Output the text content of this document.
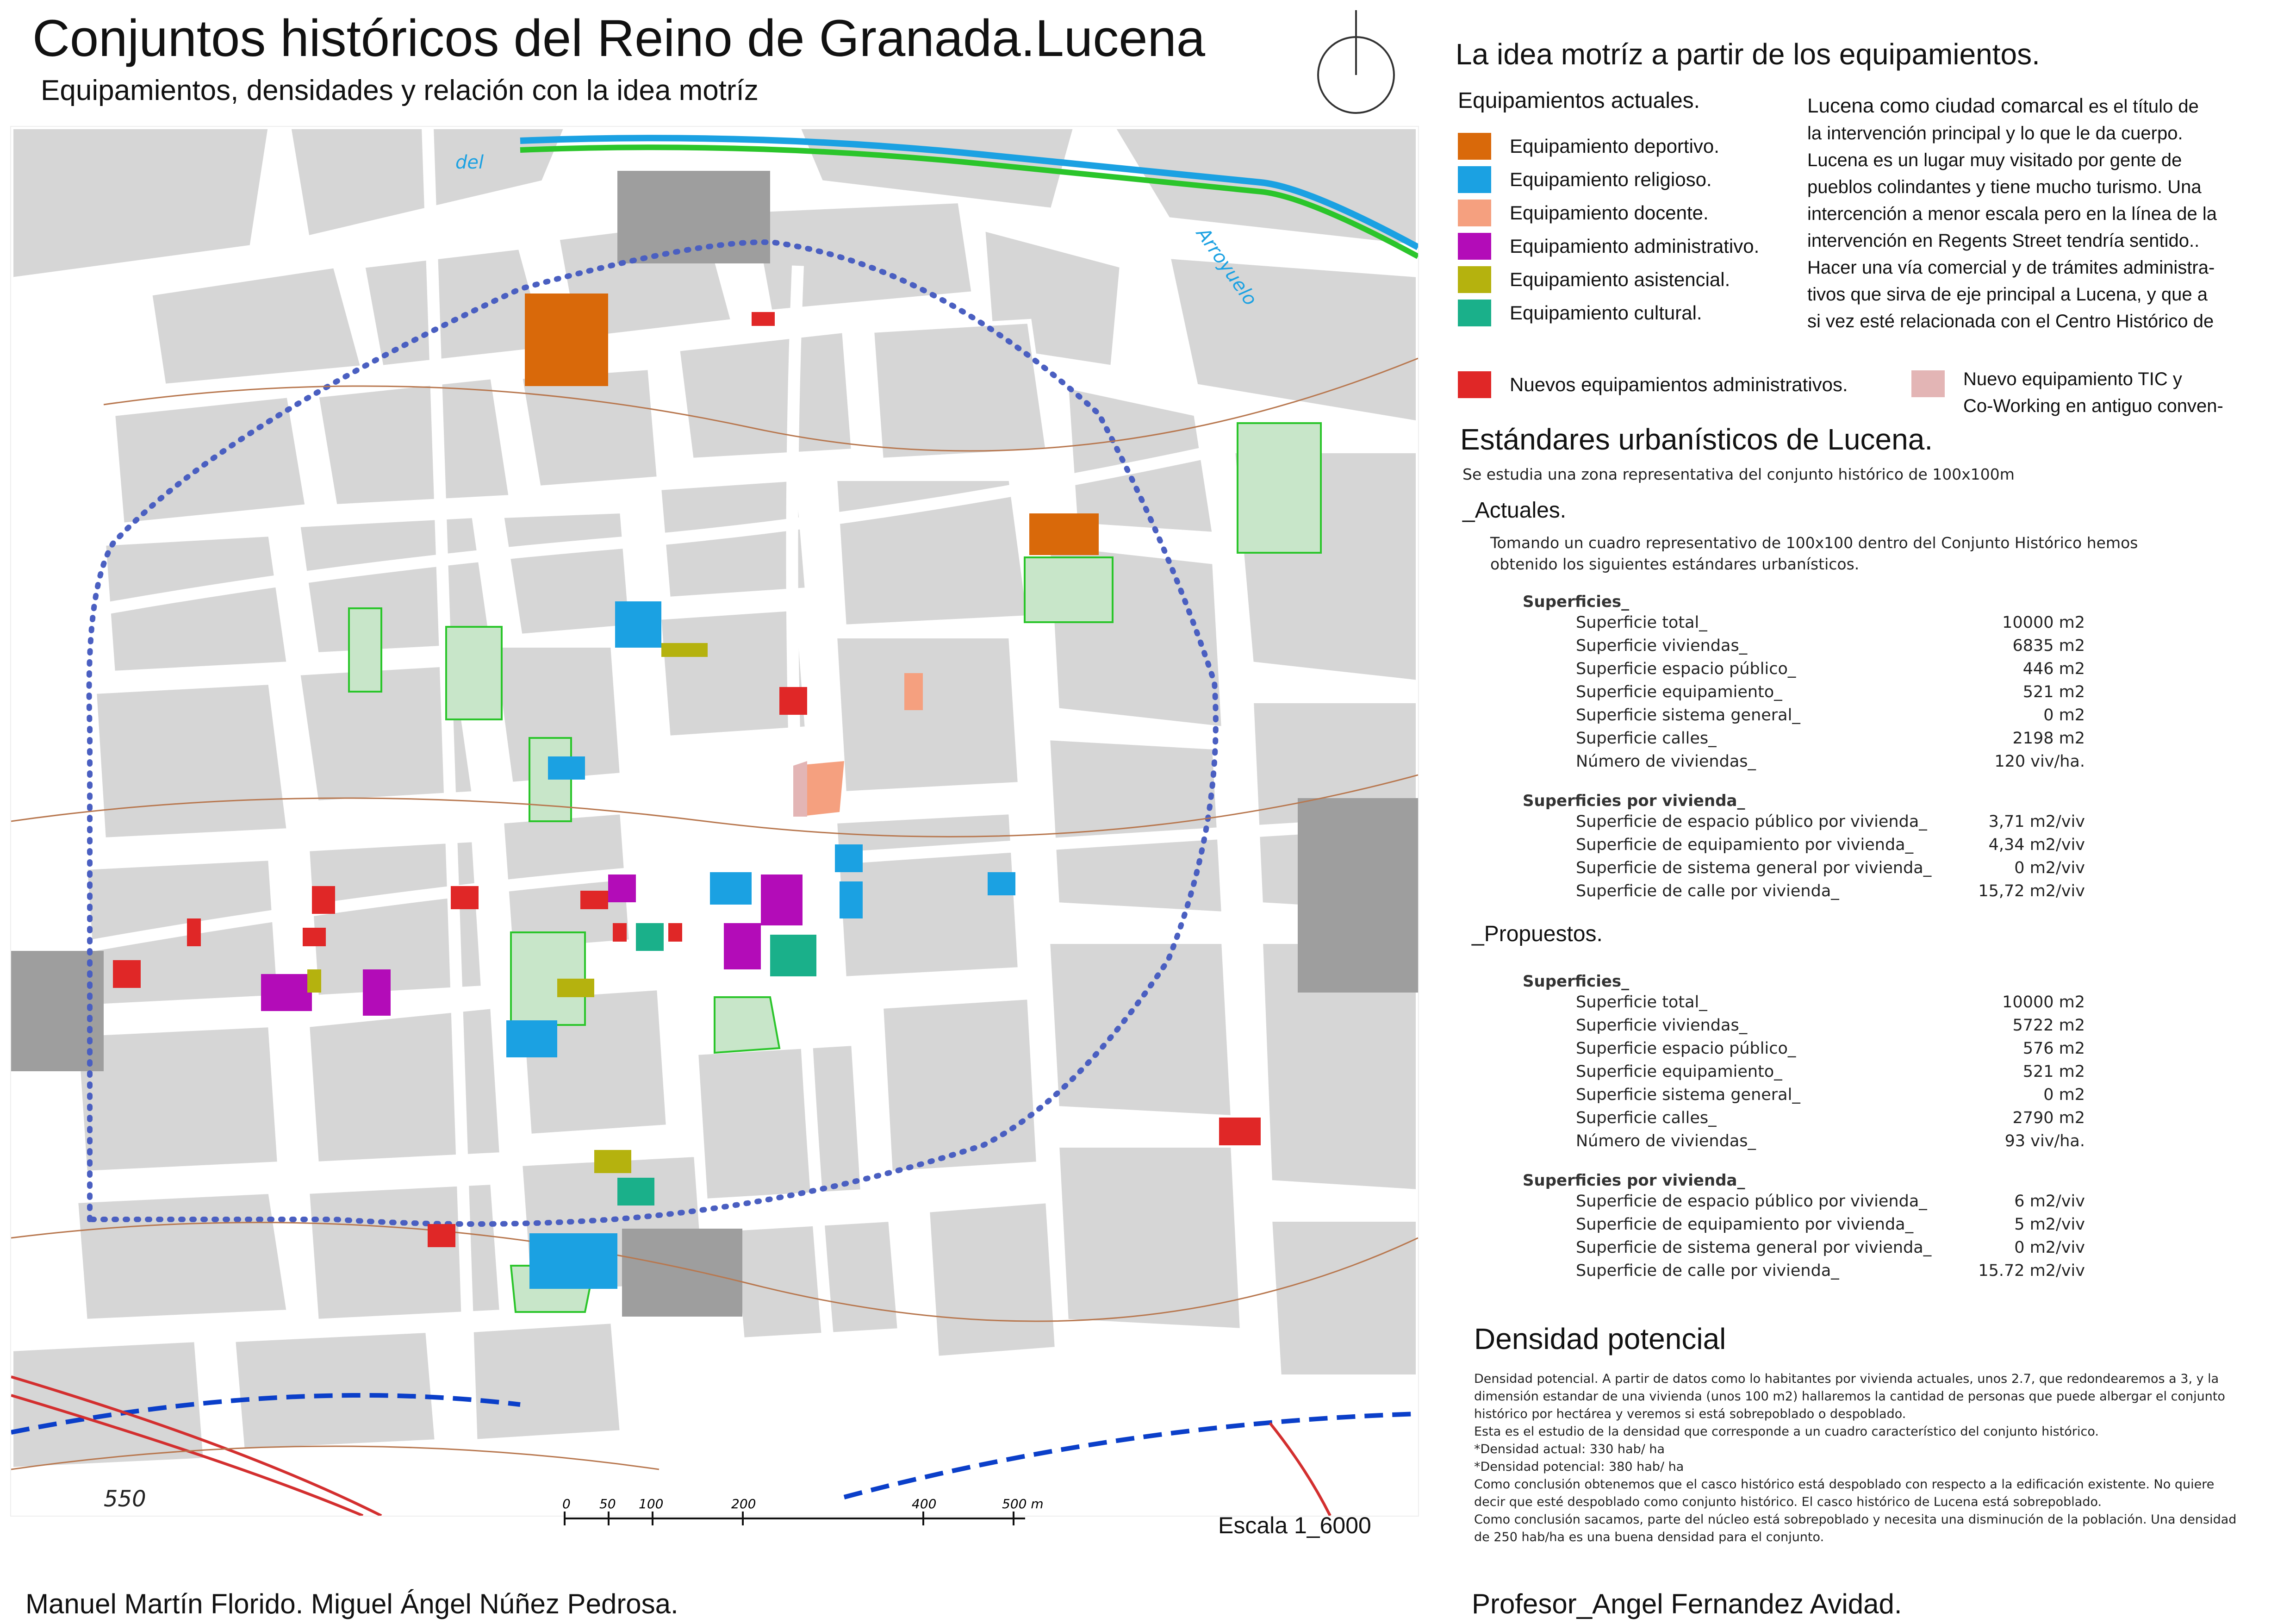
Conjuntos históricos del Reino de Granada.Lucena
Equipamientos, densidades y relación con la idea motríz
550
del
Arroyuelo
0 50 100	200	400	500 m
Escala 1_6000
La idea motríz a partir de los equipamientos.
Equipamientos actuales.
Equipamiento deportivo.
Equipamiento religioso.
Equipamiento docente.
Equipamiento administrativo.
Equipamiento asistencial.
Equipamiento cultural.
Nuevos equipamientos administrativos.	Nuevo equipamiento TIC y
Co-Working en antiguo conven-
Lucena como ciudad comarcal es el título de
la intervención principal y lo que le da cuerpo.
Lucena es un lugar muy visitado por gente de
pueblos colindantes y tiene mucho turismo. Una
intercención a menor escala pero en la línea de la
intervención en Regents Street tendría sentido..
Hacer una vía comercial y de trámites administra-
tivos que sirva de eje principal a Lucena, y que a
si vez esté relacionada con el Centro Histórico de
Estándares urbanísticos de Lucena.
Se estudia una zona representativa del conjunto histórico de 100x100m
_Actuales.
Tomando un cuadro representativo de 100x100 dentro del Conjunto Histórico hemos
obtenido los siguientes estándares urbanísticos.
Superficies_
Superficie total_	10000 m2
Superficie viviendas_	6835 m2
Superficie espacio público_	446 m2
Superficie equipamiento_	521 m2
Superficie sistema general_	0 m2
Superficie calles_	2198 m2
Número de viviendas_	120 viv/ha.
Superficies por vivienda_
Superficie de espacio público por vivienda_	3,71 m2/viv
Superficie de equipamiento por vivienda_	4,34 m2/viv
Superficie de sistema general por vivienda_	0 m2/viv
Superficie de calle por vivienda_	15,72 m2/viv
_Propuestos.
Superficies_
Superficie total_	10000 m2
Superficie viviendas_	5722 m2
Superficie espacio público_	576 m2
Superficie equipamiento_	521 m2
Superficie sistema general_	0 m2
Superficie calles_	2790 m2
Número de viviendas_	93 viv/ha.
Superficies por vivienda_
Superficie de espacio público por vivienda_	6 m2/viv
Superficie de equipamiento por vivienda_	5 m2/viv
Superficie de sistema general por vivienda_	0 m2/viv
Superficie de calle por vivienda_	15.72 m2/viv
Densidad potencial
Densidad potencial. A partir de datos como lo habitantes por vivienda actuales, unos 2.7, que redondearemos a 3, y la
dimensión estandar de una vivienda (unos 100 m2) hallaremos la cantidad de personas que puede albergar el conjunto
histórico por hectárea y veremos si está sobrepoblado o despoblado.
Esta es el estudio de la densidad que corresponde a un cuadro característico del conjunto histórico.
*Densidad actual: 330 hab/ ha
*Densidad potencial: 380 hab/ ha
Como conclusión obtenemos que el casco histórico está despoblado con respecto a la edificación existente. No quiere
decir que esté despoblado como conjunto histórico. El casco histórico de Lucena está sobrepoblado.
Como conclusión sacamos, parte del núcleo está sobrepoblado y necesita una disminución de la población. Una densidad
de 250 hab/ha es una buena densidad para el conjunto.
Manuel Martín Florido. Miguel Ángel Núñez Pedrosa.	Profesor_Angel Fernandez Avidad.
